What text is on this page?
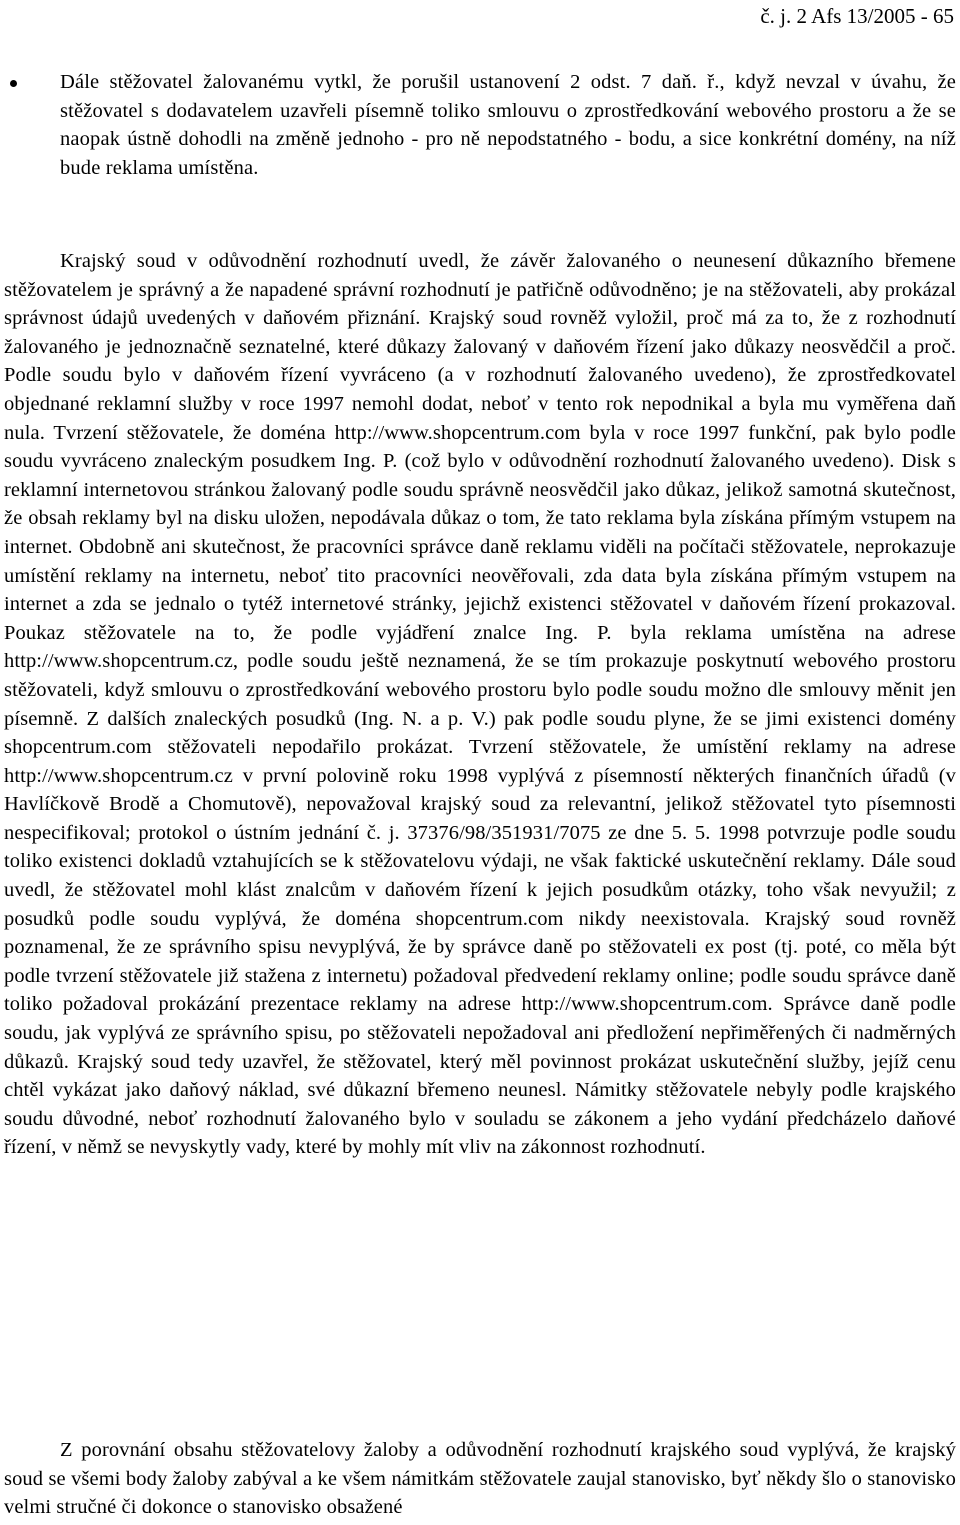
č. j. 2 Afs 13/2005 - 65
Dále stěžovatel žalovanému vytkl, že porušil ustanovení 2 odst. 7 daň. ř., když nevzal v úvahu, že stěžovatel s dodavatelem uzavřeli písemně toliko smlouvu o zprostředkování webového prostoru a že se naopak ústně dohodli na změně jednoho - pro ně nepodstatného - bodu, a sice konkrétní domény, na níž bude reklama umístěna.
Krajský soud v odůvodnění rozhodnutí uvedl, že závěr žalovaného o neunesení důkazního břemene stěžovatelem je správný a že napadené správní rozhodnutí je patřičně odůvodněno; je na stěžovateli, aby prokázal správnost údajů uvedených v daňovém přiznání. Krajský soud rovněž vyložil, proč má za to, že z rozhodnutí žalovaného je jednoznačně seznatelné, které důkazy žalovaný v daňovém řízení jako důkazy neosvědčil a proč. Podle soudu bylo v daňovém řízení vyvráceno (a v rozhodnutí žalovaného uvedeno), že zprostředkovatel objednané reklamní služby v roce 1997 nemohl dodat, neboť v tento rok nepodnikal a byla mu vyměřena daň nula. Tvrzení stěžovatele, že doména http://www.shopcentrum.com byla v roce 1997 funkční, pak bylo podle soudu vyvráceno znaleckým posudkem Ing. P. (což bylo v odůvodnění rozhodnutí žalovaného uvedeno). Disk s reklamní internetovou stránkou žalovaný podle soudu správně neosvědčil jako důkaz, jelikož samotná skutečnost, že obsah reklamy byl na disku uložen, nepodávala důkaz o tom, že tato reklama byla získána přímým vstupem na internet. Obdobně ani skutečnost, že pracovníci správce daně reklamu viděli na počítači stěžovatele, neprokazuje umístění reklamy na internetu, neboť tito pracovníci neověřovali, zda data byla získána přímým vstupem na internet a zda se jednalo o tytéž internetové stránky, jejichž existenci stěžovatel v daňovém řízení prokazoval. Poukaz stěžovatele na to, že podle vyjádření znalce Ing. P. byla reklama umístěna na adrese http://www.shopcentrum.cz, podle soudu ještě neznamená, že se tím prokazuje poskytnutí webového prostoru stěžovateli, když smlouvu o zprostředkování webového prostoru bylo podle soudu možno dle smlouvy měnit jen písemně. Z dalších znaleckých posudků (Ing. N. a p. V.) pak podle soudu plyne, že se jimi existenci domény shopcentrum.com stěžovateli nepodařilo prokázat. Tvrzení stěžovatele, že umístění reklamy na adrese http://www.shopcentrum.cz v první polovině roku 1998 vyplývá z písemností některých finančních úřadů (v Havlíčkově Brodě a Chomutově), nepovažoval krajský soud za relevantní, jelikož stěžovatel tyto písemnosti nespecifikoval; protokol o ústním jednání č. j. 37376/98/351931/7075 ze dne 5. 5. 1998 potvrzuje podle soudu toliko existenci dokladů vztahujících se k stěžovatelovu výdaji, ne však faktické uskutečnění reklamy. Dále soud uvedl, že stěžovatel mohl klást znalcům v daňovém řízení k jejich posudkům otázky, toho však nevyužil; z posudků podle soudu vyplývá, že doména shopcentrum.com nikdy neexistovala. Krajský soud rovněž poznamenal, že ze správního spisu nevyplývá, že by správce daně po stěžovateli ex post (tj. poté, co měla být podle tvrzení stěžovatele již stažena z internetu) požadoval předvedení reklamy online; podle soudu správce daně toliko požadoval prokázání prezentace reklamy na adrese http://www.shopcentrum.com. Správce daně podle soudu, jak vyplývá ze správního spisu, po stěžovateli nepožadoval ani předložení nepřiměřených či nadměrných důkazů. Krajský soud tedy uzavřel, že stěžovatel, který měl povinnost prokázat uskutečnění služby, jejíž cenu chtěl vykázat jako daňový náklad, své důkazní břemeno neunesl. Námitky stěžovatele nebyly podle krajského soudu důvodné, neboť rozhodnutí žalovaného bylo v souladu se zákonem a jeho vydání předcházelo daňové řízení, v němž se nevyskytly vady, které by mohly mít vliv na zákonnost rozhodnutí.
Z porovnání obsahu stěžovatelovy žaloby a odůvodnění rozhodnutí krajského soud vyplývá, že krajský soud se všemi body žaloby zabýval a ke všem námitkám stěžovatele zaujal stanovisko, byť někdy šlo o stanovisko velmi stručné či dokonce o stanovisko obsažené
